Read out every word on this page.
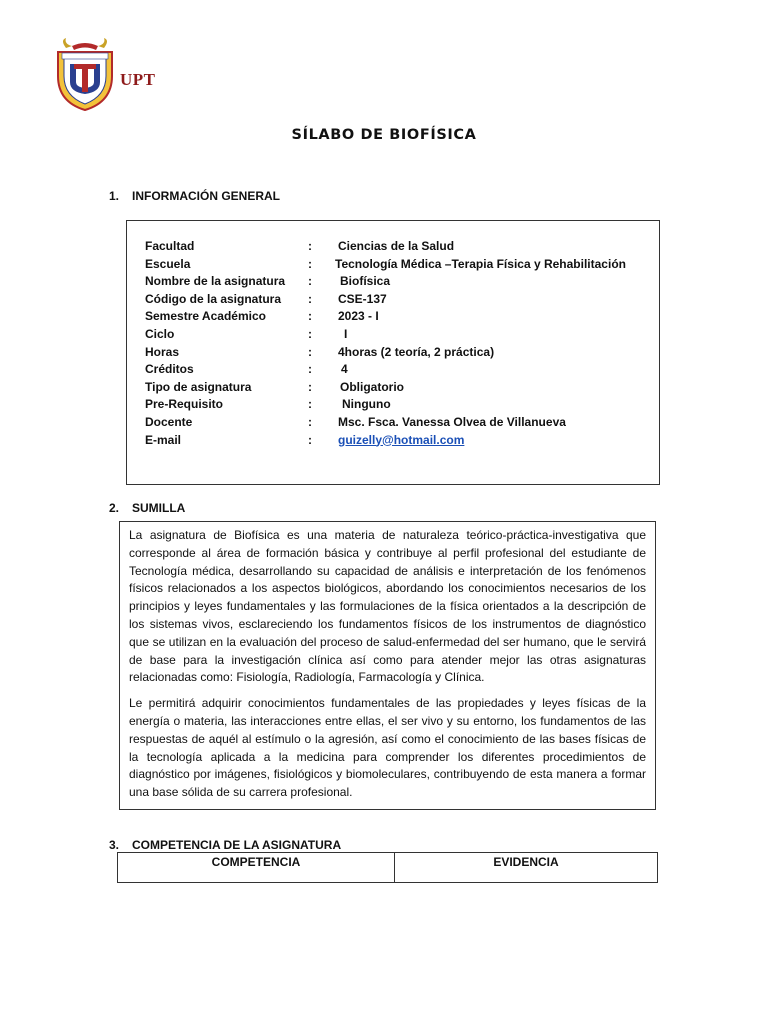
UPT
SÍLABO DE BIOFÍSICA
1. INFORMACIÓN GENERAL
Facultad	: Ciencias de la Salud
Escuela	: Tecnología Médica –Terapia Física y Rehabilitación
Nombre de la asignatura : Biofísica
Código de la asignatura : CSE-137
Semestre Académico	: 2023 - I
Ciclo	:	I
Horas	: 4horas (2 teoría, 2 práctica)
Créditos	: 4
Tipo de asignatura	: Obligatorio
Pre-Requisito	:	Ninguno
Docente	: Msc. Fsca. Vanessa Olvea de Villanueva
E-mail	: guizelly@hotmail.com
2. SUMILLA

La asignatura de Biofísica es una materia de naturaleza teórico-práctica-investigativa que corresponde al área de formación básica y contribuye al perfil profesional del estudiante de Tecnología médica, desarrollando su capacidad de análisis e interpretación de los fenómenos físicos relacionados a los aspectos biológicos, abordando los conocimientos necesarios de los principios y leyes fundamentales y las formulaciones de la física orientados a la descripción de los sistemas vivos, esclareciendo los fundamentos físicos de los instrumentos de diagnóstico que se utilizan en la evaluación del proceso de salud-enfermedad del ser humano, que le servirá de base para la investigación clínica así como para atender mejor las otras asignaturas relacionadas como: Fisiología, Radiología, Farmacología y Clínica.

Le permitirá adquirir conocimientos fundamentales de las propiedades y leyes físicas de la energía o materia, las interacciones entre ellas, el ser vivo y su entorno, los fundamentos de las respuestas de aquél al estímulo o la agresión, así como el conocimiento de las bases físicas de la tecnología aplicada a la medicina para comprender los diferentes procedimientos de diagnóstico por imágenes, fisiológicos y biomoleculares, contribuyendo de esta manera a formar una base sólida de su carrera profesional.

3. COMPETENCIA DE LA ASIGNATURA
COMPETENCIA	EVIDENCIA
